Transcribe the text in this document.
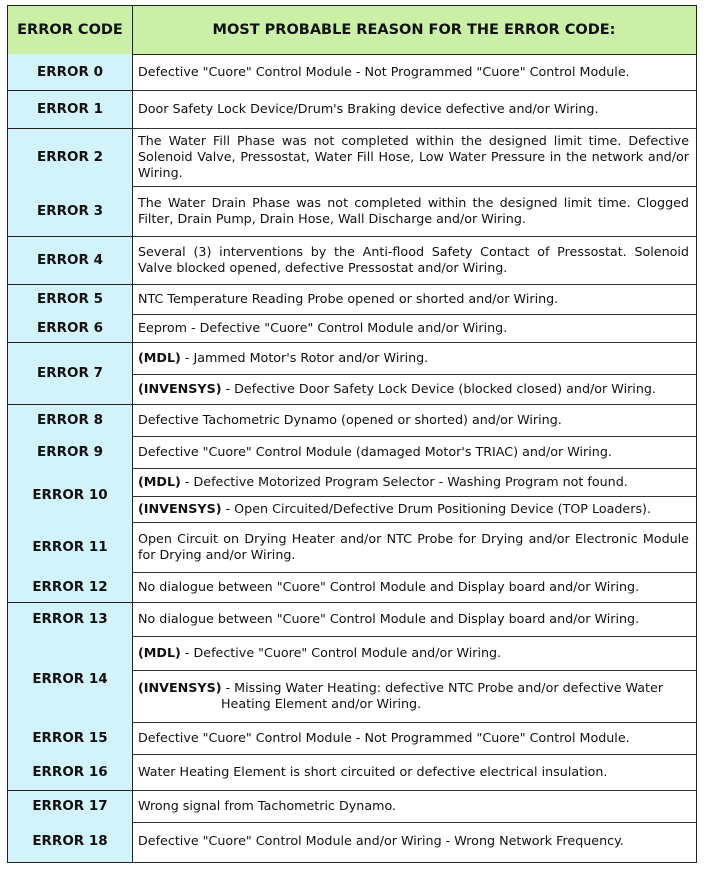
ERROR CODE	MOST PROBABLE REASON FOR THE ERROR CODE:
ERROR 0
ERROR 1
ERROR 2
ERROR 3
ERROR 4
ERROR 5
ERROR 6
ERROR 7
ERROR 8
ERROR 9
ERROR 10
ERROR 11
ERROR 12
ERROR 13
ERROR 14
ERROR 15
ERROR 16
ERROR 17
ERROR 18
Defective "Cuore" Control Module - Not Programmed "Cuore" Control Module.
Door Safety Lock Device/Drum's Braking device defective and/or Wiring.
The Water Fill Phase was not completed within the designed limit time. Defective Solenoid Valve, Pressostat, Water Fill Hose, Low Water Pressure in the network and/or Wiring.
The Water Drain Phase was not completed within the designed limit time. Clogged Filter, Drain Pump, Drain Hose, Wall Discharge and/or Wiring.
Several (3) interventions by the Anti-flood Safety Contact of Pressostat. Solenoid Valve blocked opened, defective Pressostat and/or Wiring.
NTC Temperature Reading Probe opened or shorted and/or Wiring.
Eeprom - Defective "Cuore" Control Module and/or Wiring.
(MDL) - Jammed Motor's Rotor and/or Wiring.
(INVENSYS) - Defective Door Safety Lock Device (blocked closed) and/or Wiring.
Defective Tachometric Dynamo (opened or shorted) and/or Wiring.
Defective "Cuore" Control Module (damaged Motor's TRIAC) and/or Wiring.
(MDL) - Defective Motorized Program Selector - Washing Program not found.
(INVENSYS) - Open Circuited/Defective Drum Positioning Device (TOP Loaders).
Open Circuit on Drying Heater and/or NTC Probe for Drying and/or Electronic Module for Drying and/or Wiring.
No dialogue between "Cuore" Control Module and Display board and/or Wiring.
No dialogue between "Cuore" Control Module and Display board and/or Wiring.
(MDL) - Defective "Cuore" Control Module and/or Wiring.
(INVENSYS) - Missing Water Heating: defective NTC Probe and/or defective Water
Heating Element and/or Wiring.
Defective "Cuore" Control Module - Not Programmed "Cuore" Control Module.
Water Heating Element is short circuited or defective electrical insulation.
Wrong signal from Tachometric Dynamo.
Defective "Cuore" Control Module and/or Wiring - Wrong Network Frequency.
